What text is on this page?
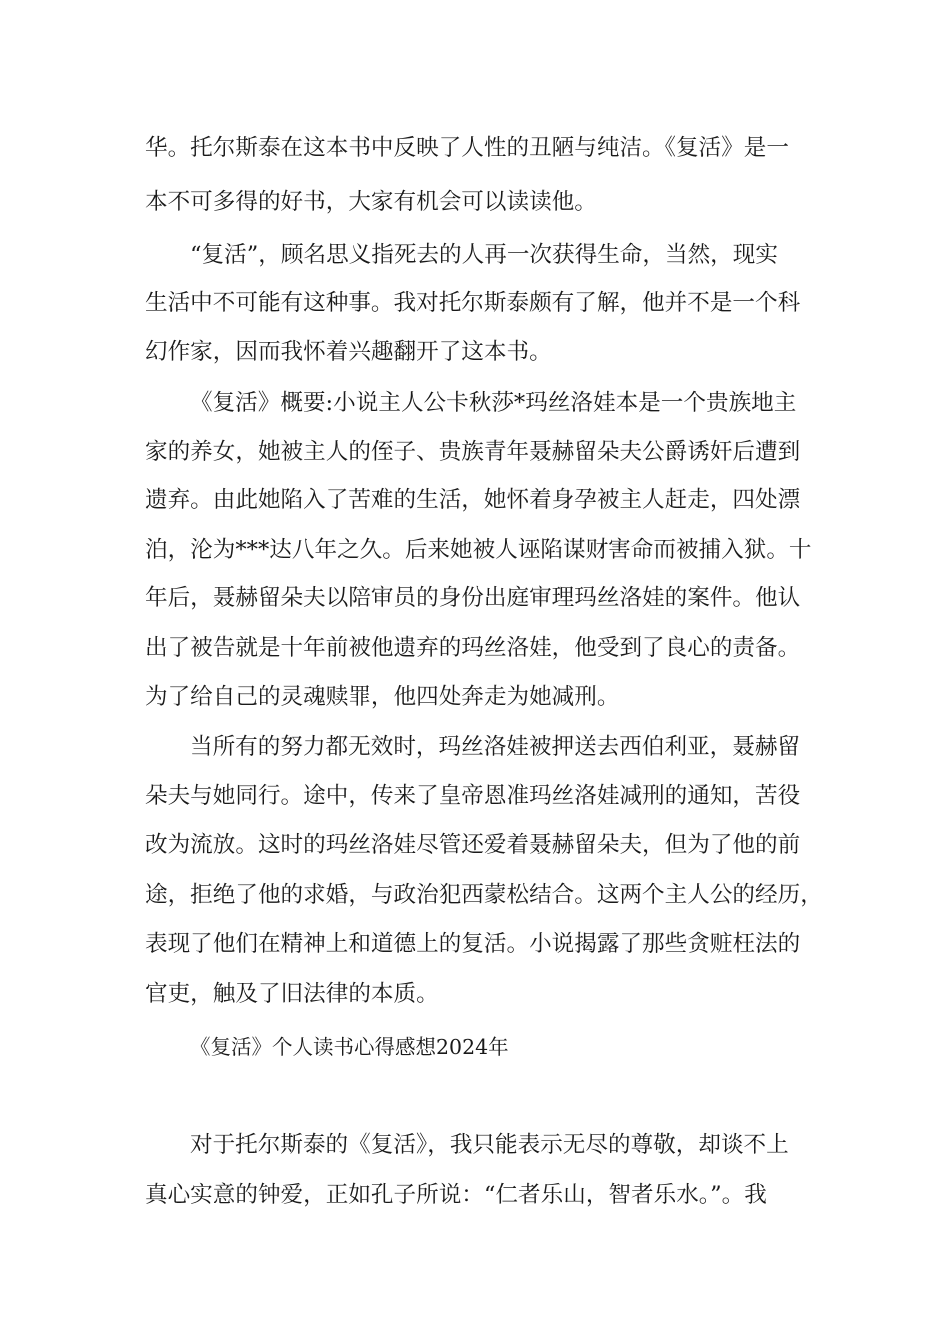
华。托尔斯泰在这本书中反映了人性的丑陋与纯洁。《复活》是一
本不可多得的好书，大家有机会可以读读他。
“复活”，顾名思义指死去的人再一次获得生命，当然，现实
生活中不可能有这种事。我对托尔斯泰颇有了解，他并不是一个科
幻作家，因而我怀着兴趣翻开了这本书。
《复活》概要:小说主人公卡秋莎*玛丝洛娃本是一个贵族地主
家的养女，她被主人的侄子、贵族青年聂赫留朵夫公爵诱奸后遭到
遗弃。由此她陷入了苦难的生活，她怀着身孕被主人赶走，四处漂
泊，沦为***达八年之久。后来她被人诬陷谋财害命而被捕入狱。十
年后，聂赫留朵夫以陪审员的身份出庭审理玛丝洛娃的案件。他认
出了被告就是十年前被他遗弃的玛丝洛娃，他受到了良心的责备。
为了给自己的灵魂赎罪，他四处奔走为她减刑。
当所有的努力都无效时，玛丝洛娃被押送去西伯利亚，聂赫留
朵夫与她同行。途中，传来了皇帝恩准玛丝洛娃减刑的通知，苦役
改为流放。这时的玛丝洛娃尽管还爱着聂赫留朵夫，但为了他的前
途，拒绝了他的求婚，与政治犯西蒙松结合。这两个主人公的经历，
表现了他们在精神上和道德上的复活。小说揭露了那些贪赃枉法的
官吏，触及了旧法律的本质。
《复活》个人读书心得感想2024年
对于托尔斯泰的《复活》，我只能表示无尽的尊敬，却谈不上
真心实意的钟爱，正如孔子所说：“仁者乐山，智者乐水。”。我
